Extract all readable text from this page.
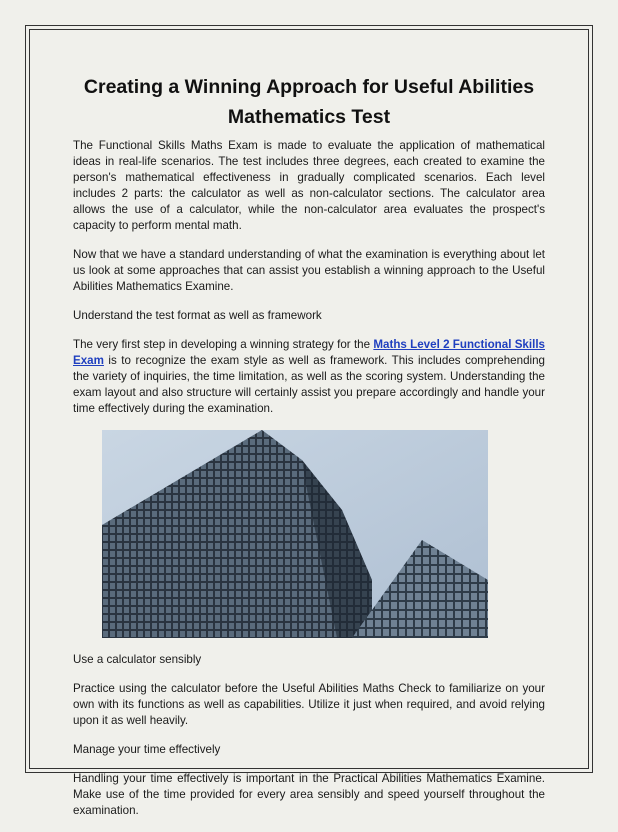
Creating a Winning Approach for Useful Abilities Mathematics Test

The Functional Skills Maths Exam is made to evaluate the application of mathematical ideas in real-life scenarios. The test includes three degrees, each created to examine the person's mathematical effectiveness in gradually complicated scenarios. Each level includes 2 parts: the calculator as well as non-calculator sections. The calculator area allows the use of a calculator, while the non-calculator area evaluates the prospect's capacity to perform mental math.

Now that we have a standard understanding of what the examination is everything about let us look at some approaches that can assist you establish a winning approach to the Useful Abilities Mathematics Examine.

Understand the test format as well as framework

The very first step in developing a winning strategy for the Maths Level 2 Functional Skills Exam is to recognize the exam style as well as framework. This includes comprehending the variety of inquiries, the time limitation, as well as the scoring system. Understanding the exam layout and also structure will certainly assist you prepare accordingly and handle your time effectively during the examination.

Use a calculator sensibly

Practice using the calculator before the Useful Abilities Maths Check to familiarize on your own with its functions as well as capabilities. Utilize it just when required, and avoid relying upon it as well heavily.

Manage your time effectively

Handling your time effectively is important in the Practical Abilities Mathematics Examine. Make use of the time provided for every area sensibly and speed yourself throughout the examination.
